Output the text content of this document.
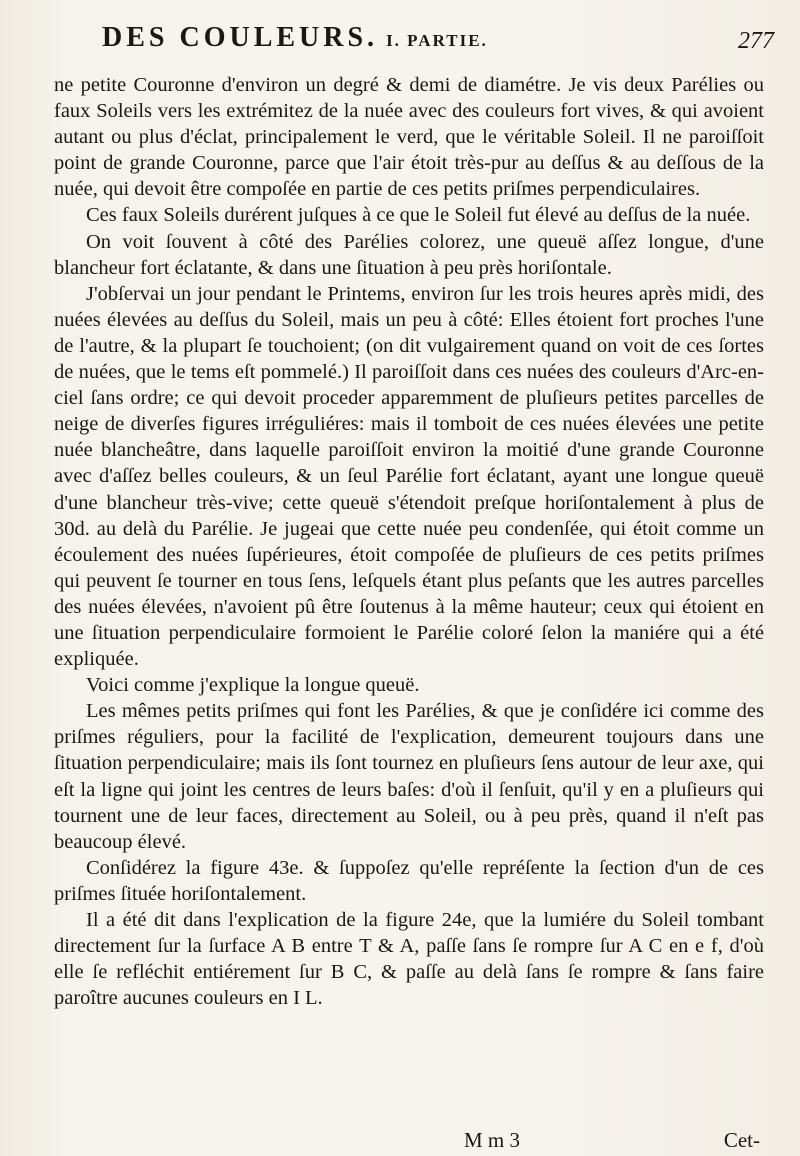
DES COULEURS. I. PARTIE.	277

ne petite Couronne d'environ un degré & demi de diamétre. Je vis deux Parélies ou faux Soleils vers les extrémitez de la nuée avec des couleurs fort vives, & qui avoient autant ou plus d'éclat, principalement le verd, que le véritable Soleil. Il ne paroiſſoit point de grande Couronne, parce que l'air étoit très-pur au deſſus & au deſſous de la nuée, qui devoit être compoſée en partie de ces petits priſmes perpendiculaires.

Ces faux Soleils durérent juſques à ce que le Soleil fut élevé au deſſus de la nuée.

On voit ſouvent à côté des Parélies colorez, une queuë aſſez longue, d'une blancheur fort éclatante, & dans une ſituation à peu près horiſontale.

J'obſervai un jour pendant le Printems, environ ſur les trois heures après midi, des nuées élevées au deſſus du Soleil, mais un peu à côté: Elles étoient fort proches l'une de l'autre, & la plupart ſe touchoient; (on dit vulgairement quand on voit de ces ſortes de nuées, que le tems eſt pommelé.) Il paroiſſoit dans ces nuées des couleurs d'Arc-en-ciel ſans ordre; ce qui devoit proceder apparemment de pluſieurs petites parcelles de neige de diverſes figures irréguliéres: mais il tomboit de ces nuées élevées une petite nuée blancheâtre, dans laquelle paroiſſoit environ la moitié d'une grande Couronne avec d'aſſez belles couleurs, & un ſeul Parélie fort éclatant, ayant une longue queuë d'une blancheur très-vive; cette queuë s'étendoit preſque horiſontalement à plus de 30d. au delà du Parélie. Je jugeai que cette nuée peu condenſée, qui étoit comme un écoulement des nuées ſupérieures, étoit compoſée de pluſieurs de ces petits priſmes qui peuvent ſe tourner en tous ſens, leſquels étant plus peſants que les autres parcelles des nuées élevées, n'avoient pû être ſoutenus à la même hauteur; ceux qui étoient en une ſituation perpendiculaire formoient le Parélie coloré ſelon la maniére qui a été expliquée.

Voici comme j'explique la longue queuë.

Les mêmes petits priſmes qui font les Parélies, & que je conſidére ici comme des priſmes réguliers, pour la facilité de l'explication, demeurent toujours dans une ſituation perpendiculaire; mais ils ſont tournez en pluſieurs ſens autour de leur axe, qui eſt la ligne qui joint les centres de leurs baſes: d'où il ſenſuit, qu'il y en a pluſieurs qui tournent une de leur faces, directement au Soleil, ou à peu près, quand il n'eſt pas beaucoup élevé.

Conſidérez la figure 43e. & ſuppoſez qu'elle repréſente la ſection d'un de ces priſmes ſituée horiſontalement.

Il a été dit dans l'explication de la figure 24e, que la lumiére du Soleil tombant directement ſur la ſurface A B entre T & A, paſſe ſans ſe rompre ſur A C en e f, d'où elle ſe refléchit entiérement ſur B C, & paſſe au delà ſans ſe rompre & ſans faire paroître aucunes couleurs en I L.

M m 3	Cet-
